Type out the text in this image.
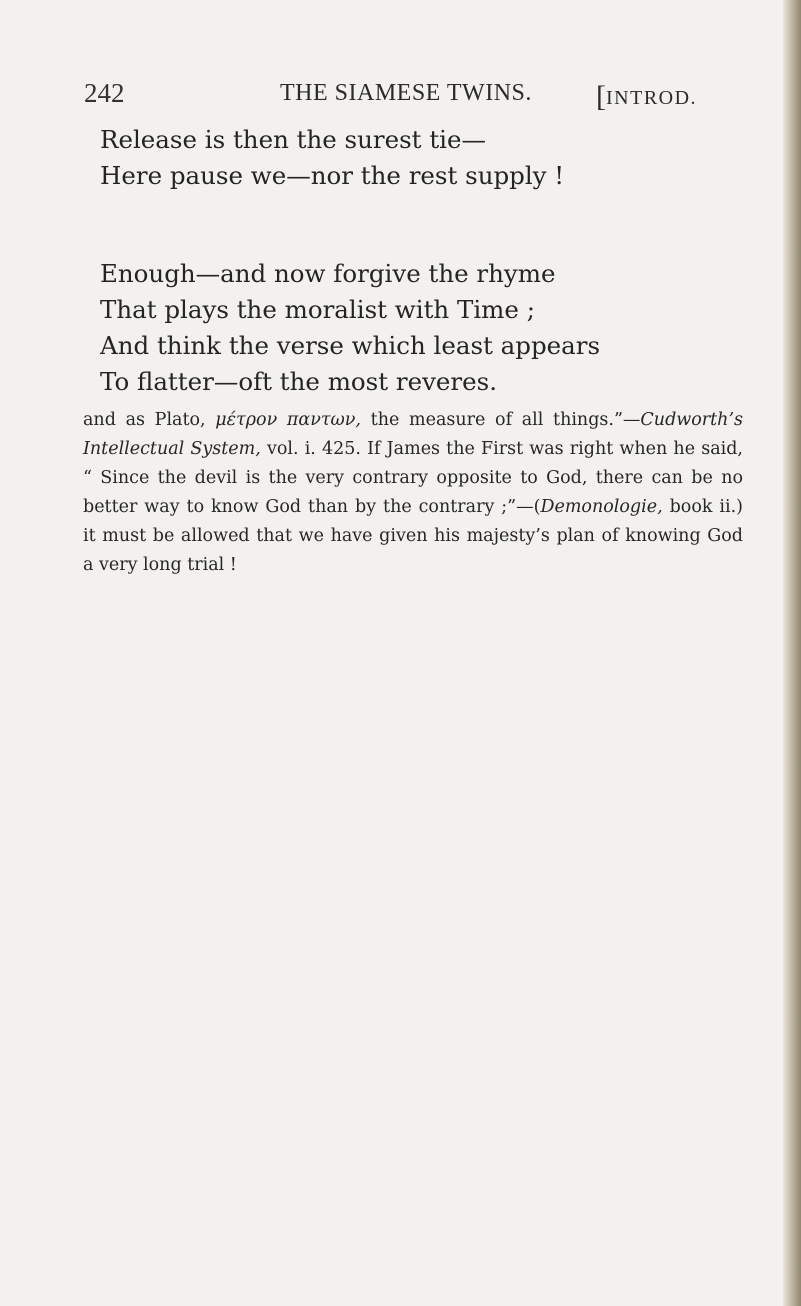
242	THE SIAMESE TWINS. [INTROD.
Release is then the surest tie—
Here pause we—nor the rest supply !
Enough—and now forgive the rhyme
That plays the moralist with Time ;
And think the verse which least appears
To flatter—oft the most reveres.
and as Plato, μέτρον παντων, the measure of all things.”—Cudworth’s Intellectual System, vol. i. 425. If James the First was right when he said, “ Since the devil is the very contrary opposite to God, there can be no better way to know God than by the contrary ;”—(Demonologie, book ii.) it must be allowed that we have given his majesty’s plan of knowing God a very long trial !
